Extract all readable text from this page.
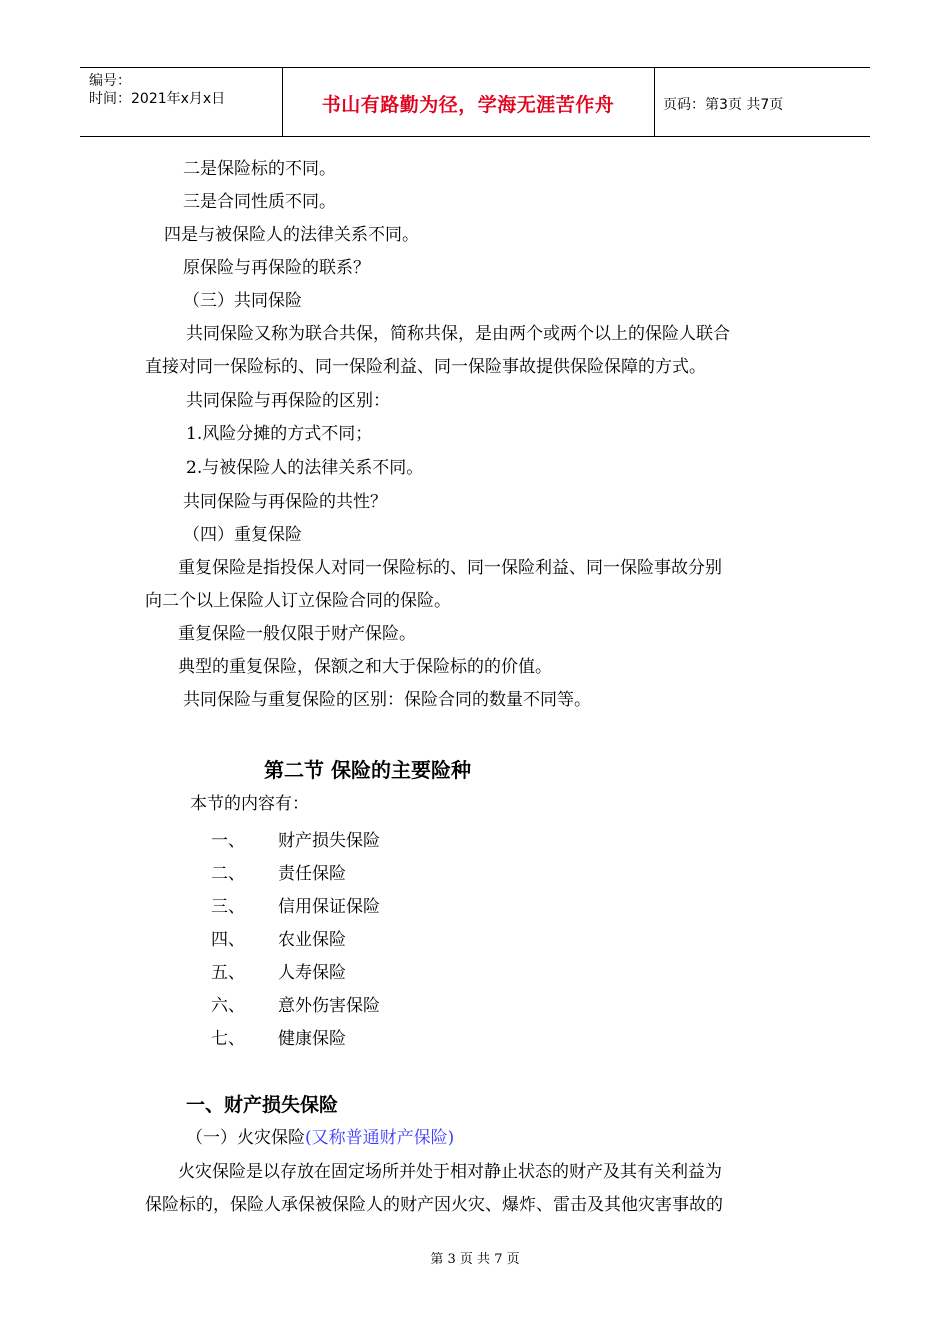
编号：
时间：2021年x月x日	书山有路勤为径，学海无涯苦作舟	页码：第3页 共7页
二是保险标的不同。
三是合同性质不同。
四是与被保险人的法律关系不同。
原保险与再保险的联系？
（三）共同保险
共同保险又称为联合共保，简称共保，是由两个或两个以上的保险人联合
直接对同一保险标的、同一保险利益、同一保险事故提供保险保障的方式。
共同保险与再保险的区别：
1.风险分摊的方式不同；
2.与被保险人的法律关系不同。
共同保险与再保险的共性？
（四）重复保险
重复保险是指投保人对同一保险标的、同一保险利益、同一保险事故分别
向二个以上保险人订立保险合同的保险。
重复保险一般仅限于财产保险。
典型的重复保险，保额之和大于保险标的的价值。
共同保险与重复保险的区别：保险合同的数量不同等。
第二节 保险的主要险种
本节的内容有：
一、 财产损失保险
二、 责任保险
三、 信用保证保险
四、 农业保险
五、 人寿保险
六、 意外伤害保险
七、 健康保险
一、财产损失保险
（一）火灾保险(又称普通财产保险)
火灾保险是以存放在固定场所并处于相对静止状态的财产及其有关利益为
保险标的，保险人承保被保险人的财产因火灾、爆炸、雷击及其他灾害事故的
第 3 页 共 7 页
